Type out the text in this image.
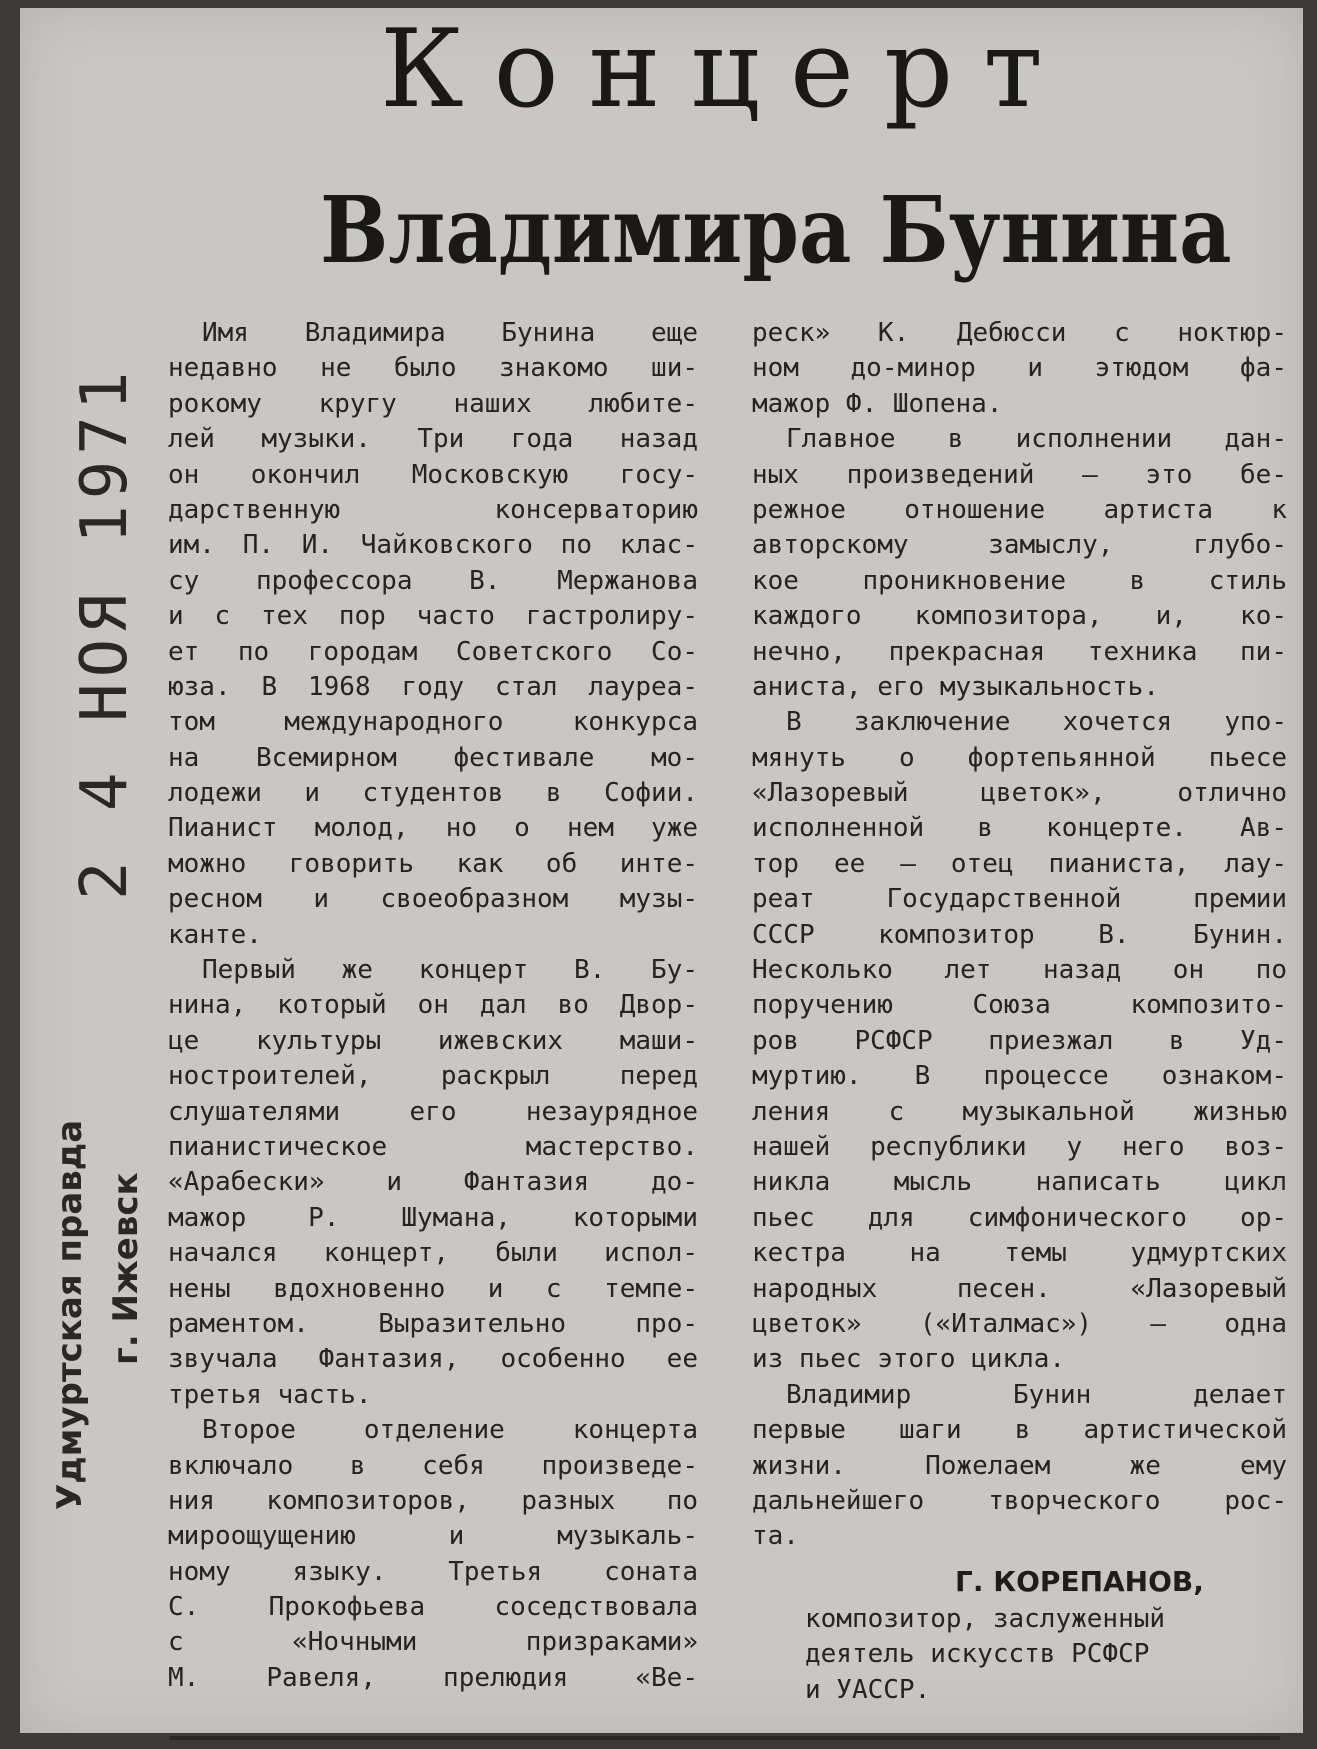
2 4 НОЯ 1971
Удмуртская правда г. Ижевск
Концерт
Владимира Бунина
Имя Владимира Бунина еще
недавно не было знакомо ши-
рокому кругу наших любите-
лей музыки. Три года назад
он окончил Московскую госу-
дарственную консерваторию
им. П. И. Чайковского по клас-
су профессора В. Мержанова
и с тех пор часто гастролиру-
ет по городам Советского Со-
юза. В 1968 году стал лауреа-
том международного конкурса
на Всемирном фестивале мо-
лодежи и студентов в Софии.
Пианист молод, но о нем уже
можно говорить как об инте-
ресном и своеобразном музы-
канте.
Первый же концерт В. Бу-
нина, который он дал во Двор-
це культуры ижевских маши-
ностроителей, раскрыл перед
слушателями его незаурядное
пианистическое мастерство.
«Арабески» и Фантазия до-
мажор Р. Шумана, которыми
начался концерт, были испол-
нены вдохновенно и с темпе-
раментом. Выразительно про-
звучала Фантазия, особенно ее
третья часть.
Второе отделение концерта
включало в себя произведе-
ния композиторов, разных по
мироощущению и музыкаль-
ному языку. Третья соната
С. Прокофьева соседствовала
с «Ночными призраками»
М. Равеля, прелюдия «Ве-
реск» К. Дебюсси с ноктюр-
ном до-минор и этюдом фа-
мажор Ф. Шопена.
Главное в исполнении дан-
ных произведений — это бе-
режное отношение артиста к
авторскому замыслу, глубо-
кое проникновение в стиль
каждого композитора, и, ко-
нечно, прекрасная техника пи-
аниста, его музыкальность.
В заключение хочется упо-
мянуть о фортепьянной пьесе
«Лазоревый цветок», отлично
исполненной в концерте. Ав-
тор ее — отец пианиста, лау-
реат Государственной премии
СССР композитор В. Бунин.
Несколько лет назад он по
поручению Союза композито-
ров РСФСР приезжал в Уд-
муртию. В процессе ознаком-
ления с музыкальной жизнью
нашей республики у него воз-
никла мысль написать цикл
пьес для симфонического ор-
кестра на темы удмуртских
народных песен. «Лазоревый
цветок» («Италмас») — одна
из пьес этого цикла.
Владимир Бунин делает
первые шаги в артистической
жизни. Пожелаем же ему
дальнейшего творческого рос-
та.
Г. КОРЕПАНОВ,
композитор, заслуженный
деятель искусств РСФСР
и УАССР.
